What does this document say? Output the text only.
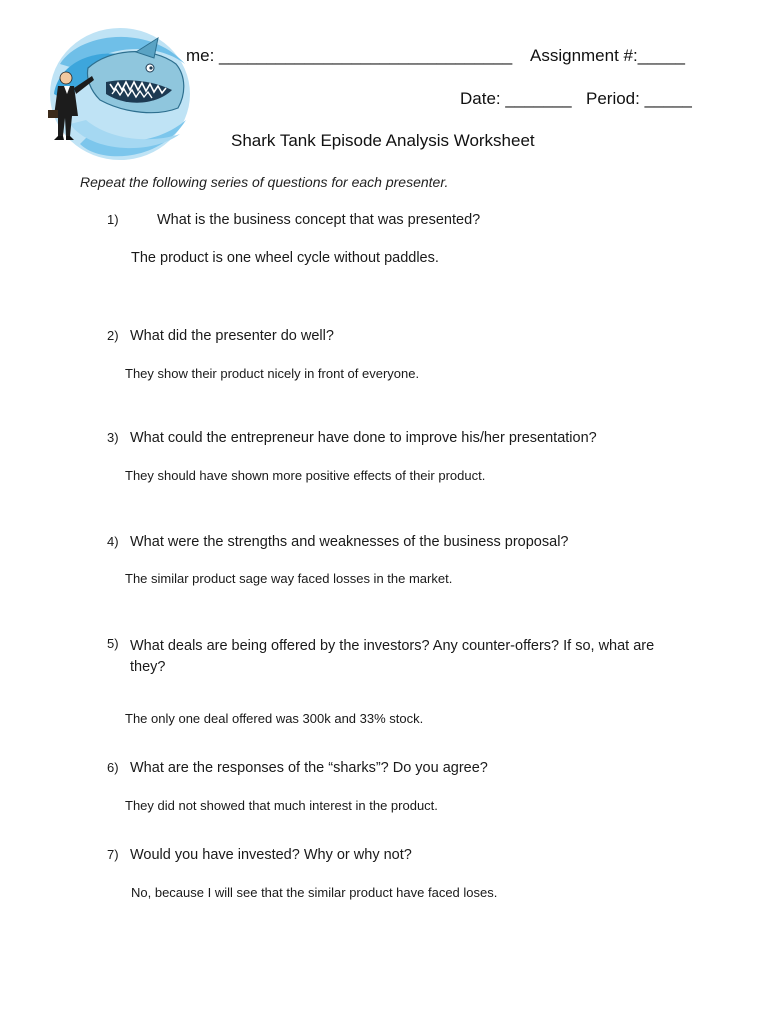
Repeat the following series of questions for each presenter.
me: _______________________________ Assignment #:_____
Date: _______ Period: _____
Shark Tank Episode Analysis Worksheet
1)	What is the business concept that was presented?
The product is one wheel cycle without paddles.
2) What did the presenter do well?
They show their product nicely in front of everyone.
3) What could the entrepreneur have done to improve his/her presentation?
They should have shown more positive effects of their product.
4) What were the strengths and weaknesses of the business proposal?
The similar product sage way faced losses in the market.
5) What deals are being offered by the investors? Any counter-offers? If so, what are they?
The only one deal offered was 300k and 33% stock.
6) What are the responses of the “sharks”? Do you agree?
They did not showed that much interest in the product.
7) Would you have invested? Why or why not?
No, because I will see that the similar product have faced loses.
